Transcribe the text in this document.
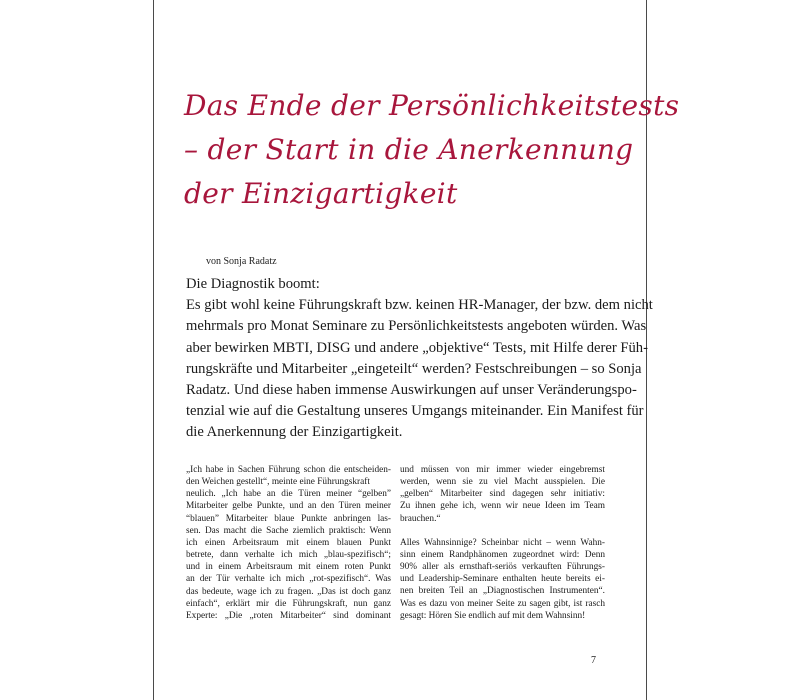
Das Ende der Persönlichkeitstests
– der Start in die Anerkennung
der Einzigartigkeit
von Sonja Radatz
Die Diagnostik boomt:
Es gibt wohl keine Führungskraft bzw. keinen HR-Manager, der bzw. dem nicht
mehrmals pro Monat Seminare zu Persönlichkeitstests angeboten würden. Was
aber bewirken MBTI, DISG und andere „objektive“ Tests, mit Hilfe derer Füh-
rungskräfte und Mitarbeiter „eingeteilt“ werden? Festschreibungen – so Sonja
Radatz. Und diese haben immense Auswirkungen auf unser Veränderungspo-
tenzial wie auf die Gestaltung unseres Umgangs miteinander. Ein Manifest für
die Anerkennung der Einzigartigkeit.

„Ich habe in Sachen Führung schon die entscheiden-
den Weichen gestellt“, meinte eine Führungskraft
neulich. „Ich habe an die Türen meiner “gelben”
Mitarbeiter gelbe Punkte, und an den Türen meiner
“blauen” Mitarbeiter blaue Punkte anbringen las-
sen. Das macht die Sache ziemlich praktisch: Wenn
ich einen Arbeitsraum mit einem blauen Punkt
betrete, dann verhalte ich mich „blau-spezifisch“;
und in einem Arbeitsraum mit einem roten Punkt
an der Tür verhalte ich mich „rot-spezifisch“. Was
das bedeute, wage ich zu fragen. „Das ist doch ganz
einfach“, erklärt mir die Führungskraft, nun ganz
Experte: „Die „roten Mitarbeiter“ sind dominant

und müssen von mir immer wieder eingebremst
werden, wenn sie zu viel Macht ausspielen. Die
„gelben“ Mitarbeiter sind dagegen sehr initiativ:
Zu ihnen gehe ich, wenn wir neue Ideen im Team
brauchen.“

Alles Wahnsinnige? Scheinbar nicht – wenn Wahn-
sinn einem Randphänomen zugeordnet wird: Denn
90% aller als ernsthaft-seriös verkauften Führungs-
und Leadership-Seminare enthalten heute bereits ei-
nen breiten Teil an „Diagnostischen Instrumenten“.
Was es dazu von meiner Seite zu sagen gibt, ist rasch
gesagt: Hören Sie endlich auf mit dem Wahnsinn!

7
